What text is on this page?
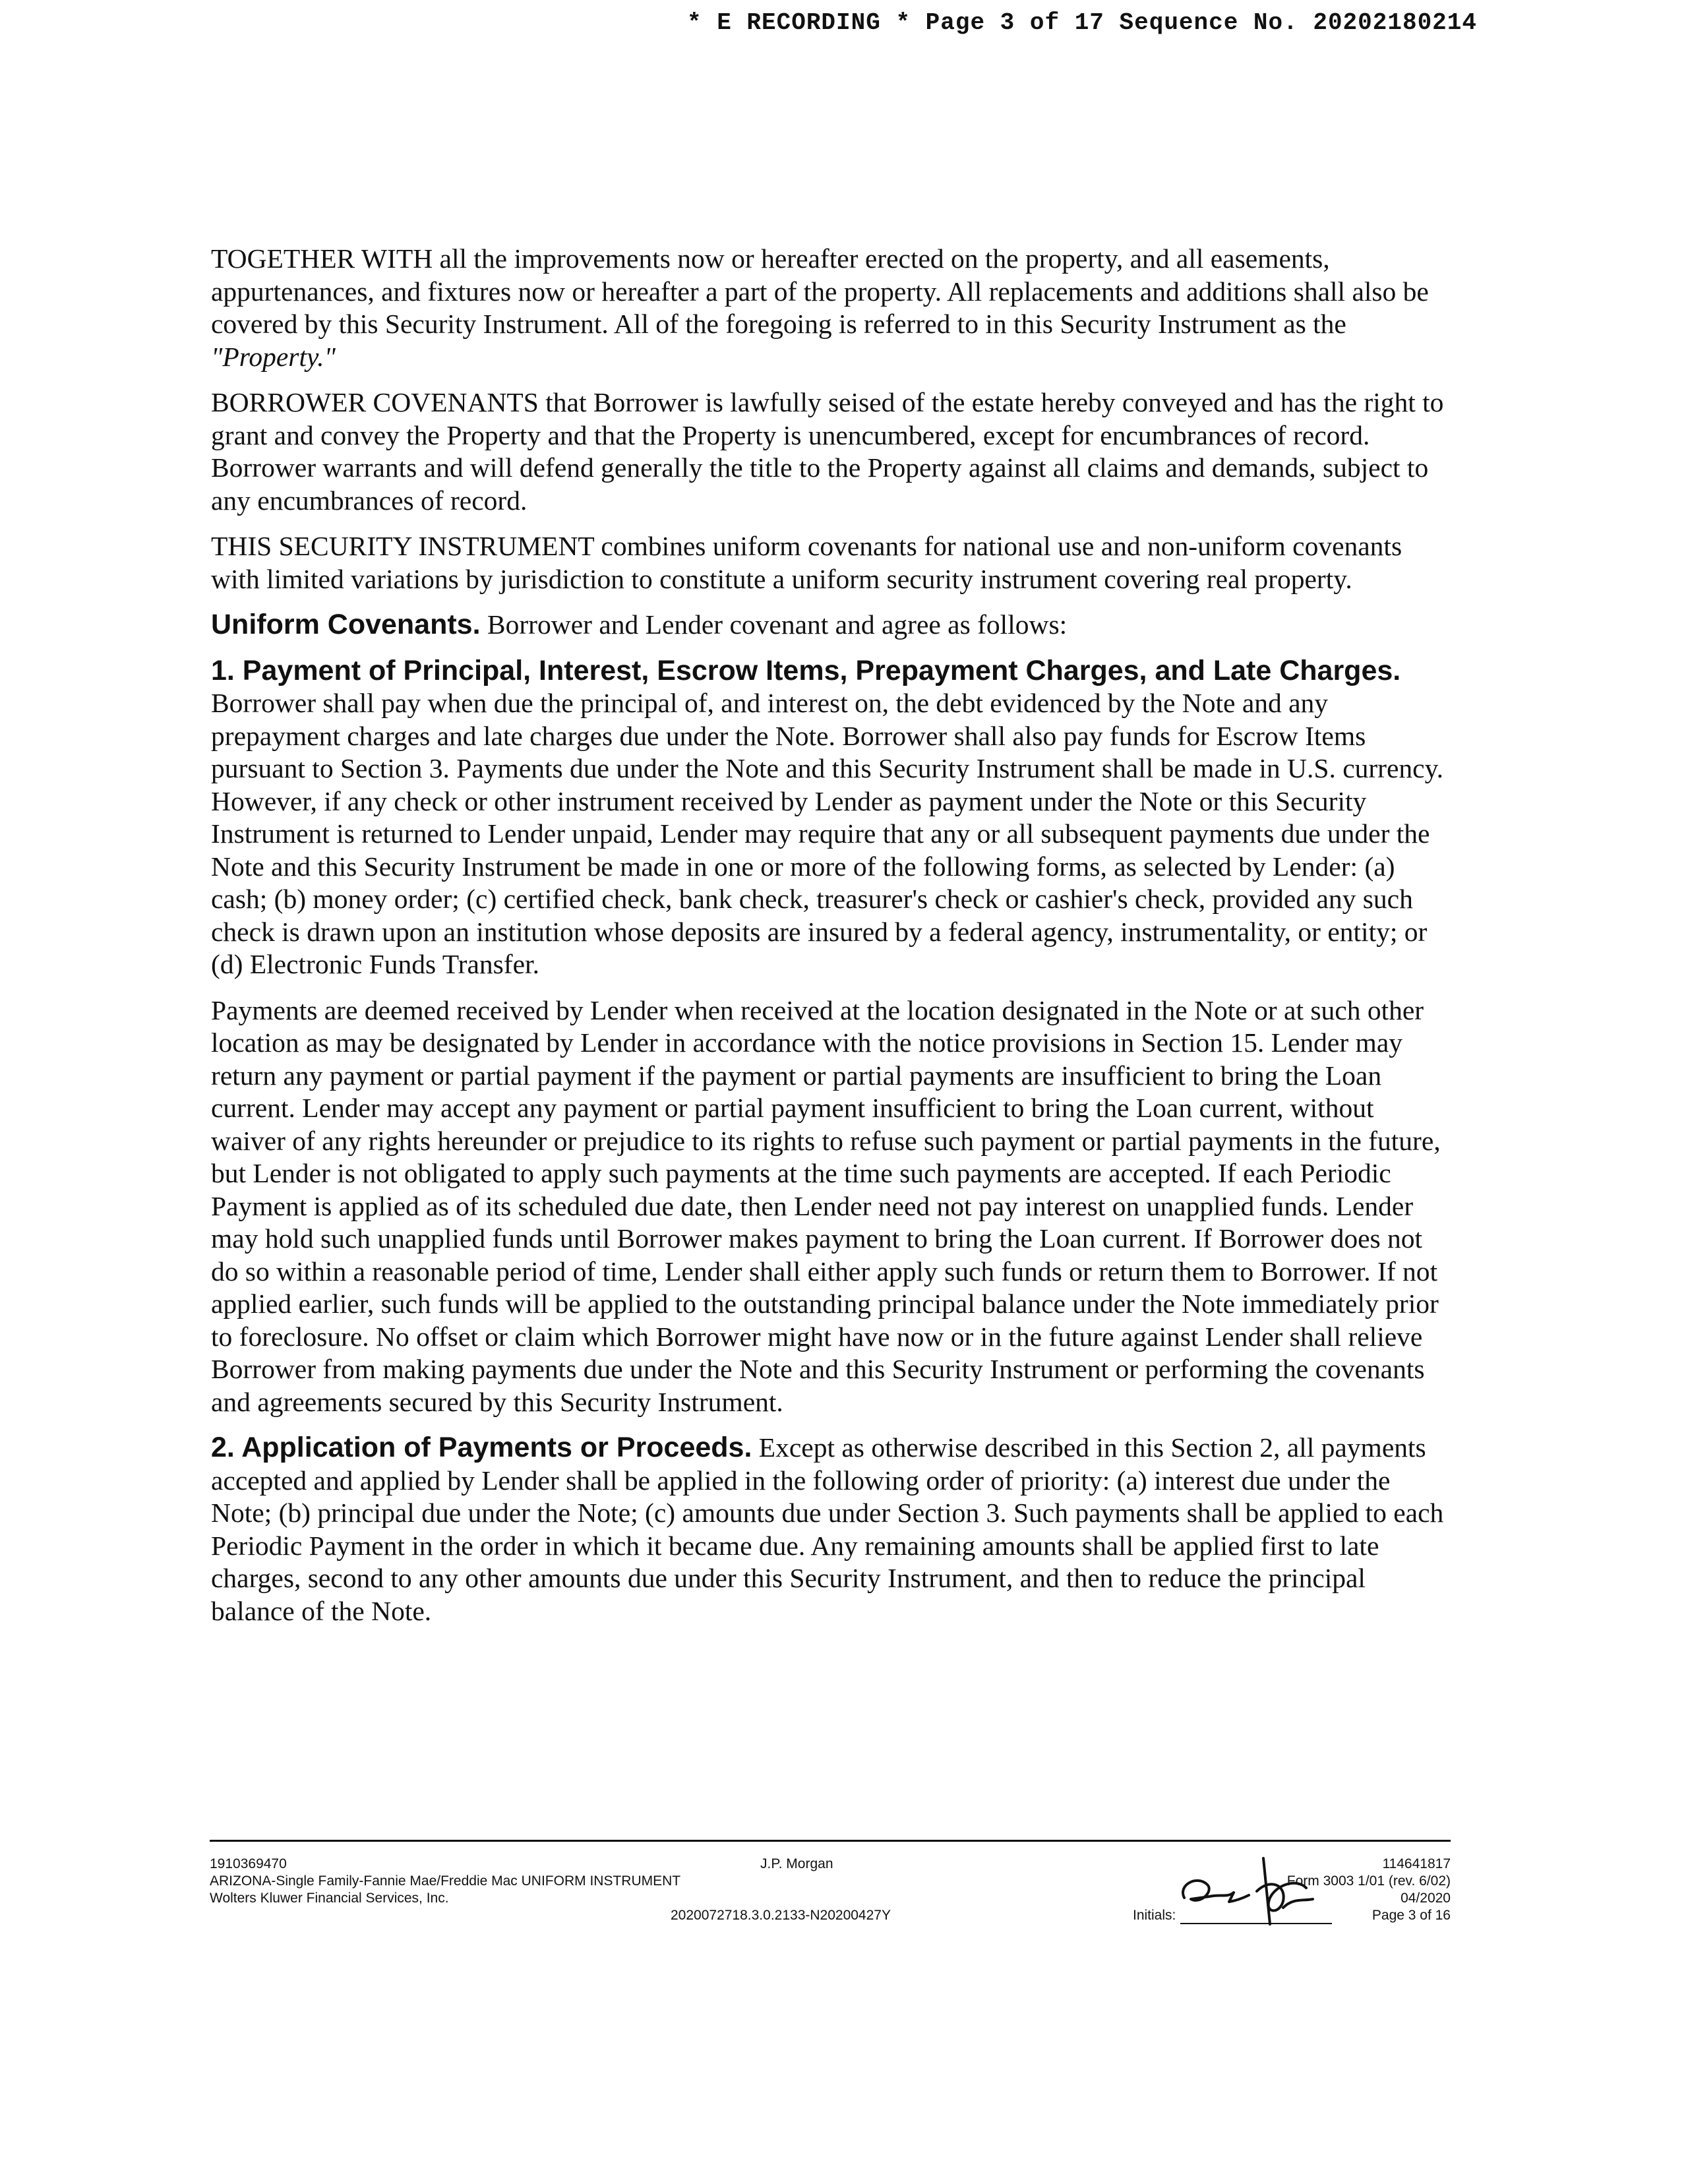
* E RECORDING * Page 3 of 17 Sequence No. 20202180214

TOGETHER WITH all the improvements now or hereafter erected on the property, and all easements, appurtenances, and fixtures now or hereafter a part of the property. All replacements and additions shall also be covered by this Security Instrument. All of the foregoing is referred to in this Security Instrument as the "Property."

BORROWER COVENANTS that Borrower is lawfully seised of the estate hereby conveyed and has the right to grant and convey the Property and that the Property is unencumbered, except for encumbrances of record. Borrower warrants and will defend generally the title to the Property against all claims and demands, subject to any encumbrances of record.

THIS SECURITY INSTRUMENT combines uniform covenants for national use and non-uniform covenants with limited variations by jurisdiction to constitute a uniform security instrument covering real property.

Uniform Covenants. Borrower and Lender covenant and agree as follows:

1. Payment of Principal, Interest, Escrow Items, Prepayment Charges, and Late Charges. Borrower shall pay when due the principal of, and interest on, the debt evidenced by the Note and any prepayment charges and late charges due under the Note. Borrower shall also pay funds for Escrow Items pursuant to Section 3. Payments due under the Note and this Security Instrument shall be made in U.S. currency. However, if any check or other instrument received by Lender as payment under the Note or this Security Instrument is returned to Lender unpaid, Lender may require that any or all subsequent payments due under the Note and this Security Instrument be made in one or more of the following forms, as selected by Lender: (a) cash; (b) money order; (c) certified check, bank check, treasurer's check or cashier's check, provided any such check is drawn upon an institution whose deposits are insured by a federal agency, instrumentality, or entity; or (d) Electronic Funds Transfer.

Payments are deemed received by Lender when received at the location designated in the Note or at such other location as may be designated by Lender in accordance with the notice provisions in Section 15. Lender may return any payment or partial payment if the payment or partial payments are insufficient to bring the Loan current. Lender may accept any payment or partial payment insufficient to bring the Loan current, without waiver of any rights hereunder or prejudice to its rights to refuse such payment or partial payments in the future, but Lender is not obligated to apply such payments at the time such payments are accepted. If each Periodic Payment is applied as of its scheduled due date, then Lender need not pay interest on unapplied funds. Lender may hold such unapplied funds until Borrower makes payment to bring the Loan current. If Borrower does not do so within a reasonable period of time, Lender shall either apply such funds or return them to Borrower. If not applied earlier, such funds will be applied to the outstanding principal balance under the Note immediately prior to foreclosure. No offset or claim which Borrower might have now or in the future against Lender shall relieve Borrower from making payments due under the Note and this Security Instrument or performing the covenants and agreements secured by this Security Instrument.

2. Application of Payments or Proceeds. Except as otherwise described in this Section 2, all payments accepted and applied by Lender shall be applied in the following order of priority: (a) interest due under the Note; (b) principal due under the Note; (c) amounts due under Section 3. Such payments shall be applied to each Periodic Payment in the order in which it became due. Any remaining amounts shall be applied first to late charges, second to any other amounts due under this Security Instrument, and then to reduce the principal balance of the Note.

1910369470
ARIZONA-Single Family-Fannie Mae/Freddie Mac UNIFORM INSTRUMENT
Wolters Kluwer Financial Services, Inc.
J.P. Morgan
2020072718.3.0.2133-N20200427Y
114641817
Form 3003 1/01 (rev. 6/02)
04/2020
Page 3 of 16
Initials:
